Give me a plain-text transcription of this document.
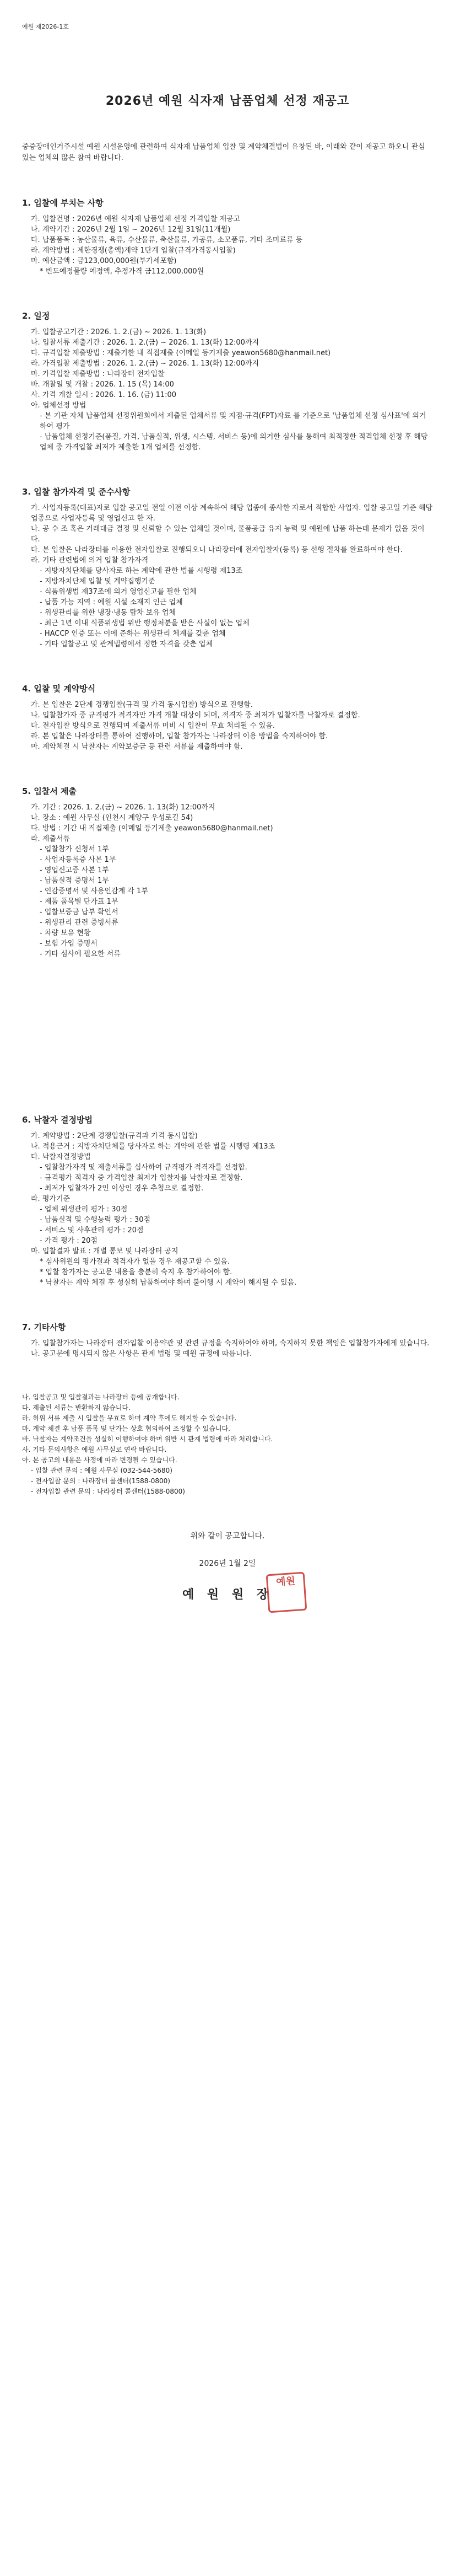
예원 제2026-1호
2026년 예원 식자재 납품업체 선정 재공고
중증장애인거주시설 예원 시설운영에 관련하여 식자재 납품업체 입찰 및 계약체결법이 유창된 바, 이래와 같이 재공고 하오니 관심 있는 업체의 많은 참여 바랍니다.
1. 입찰에 부치는 사항
가. 입찰건명 : 2026년 예원 식자재 납품업체 선정 가격입찰 재공고
나. 계약기간 : 2026년 2월 1일 ~ 2026년 12월 31일(11개월)
다. 납품품목 : 농산물류, 육류, 수산물류, 축산물류, 가공류, 소모품류, 기타 조미료류 등
라. 계약방법 : 제한경쟁(총액)계약 1단계 입찰(규격가격동시입찰)
마. 예산금액 : 금123,000,000원(부가세포함)
* 빈도예정물량 예정액, 추정가격 금112,000,000원
2. 일정
가. 입찰공고기간 : 2026. 1. 2.(금) ~ 2026. 1. 13(화)
나. 입찰서류 제출기간 : 2026. 1. 2.(금) ~ 2026. 1. 13(화) 12:00까지
다. 규격입찰 제출방법 : 재출기한 내 직접제출 (이메일 등기제출 yeawon5680@hanmail.net)
라. 가격입찰 제출방법 : 2026. 1. 2.(금) ~ 2026. 1. 13(화) 12:00까지
마. 가격입찰 제출방법 : 나라장터 전자입찰
바. 개찰일 및 개찰 : 2026. 1. 15 (목) 14:00
사. 가격 개찰 일시 : 2026. 1. 16. (금) 11:00
아. 업체선정 방법
- 본 기관 자체 납품업체 선정위원회에서 제출된 업체서류 및 지점·규격(FPT)자료 를 기준으로 '납품업체 선정 심사표'에 의거하여 평가
- 납품업체 선정기준(품질, 가격, 납품실적, 위생, 시스템, 서비스 등)에 의거한 심사를 통해여 최적정한 적격업체 선정 후 해당 업체 중 가격입찰 최저가 제출한 1개 업체를 선정함.
3. 입찰 참가자격 및 준수사항
가. 사업자등록(대표)자로 입찰 공고일 전일 이전 이상 계속하여 해당 업종에 종사한 자로서 적합한 사업자. 입찰 공고일 기준 해당 업종으로 사업자등록 및 영업신고 한 자.
나. 공 수 조 혹은 거래대금 결정 및 신뢰할 수 있는 업체일 것이며, 물품공급 유지 능력 및 예원에 납품 하는데 문제가 없을 것이다.
다. 본 입찰은 나라장터를 이용한 전자입찰로 진행되오니 나라장터에 전자입찰자(등록) 등 선행 절차를 완료하여야 한다.
라. 기타 관련법에 의거 입찰 참가자격
- 지방자치단체를 당사자로 하는 계약에 관한 법률 시행령 제13조
- 지방자치단체 입찰 및 계약집행기준
- 식품위생법 제37조에 의거 영업신고를 필한 업체
- 납품 가능 지역 : 예원 시설 소재지 인근 업체
- 위생관리를 위한 냉장·냉동 탑차 보유 업체
- 최근 1년 이내 식품위생법 위반 행정처분을 받은 사실이 없는 업체
- HACCP 인증 또는 이에 준하는 위생관리 체계를 갖춘 업체
- 기타 입찰공고 및 관계법령에서 정한 자격을 갖춘 업체
4. 입찰 및 계약방식
가. 본 입찰은 2단계 경쟁입찰(규격 및 가격 동시입찰) 방식으로 진행함.
나. 입찰참가자 중 규격평가 적격자만 가격 개찰 대상이 되며, 적격자 중 최저가 입찰자를 낙찰자로 결정함.
다. 전자입찰 방식으로 진행되며 제출서류 미비 시 입찰이 무효 처리될 수 있음.
라. 본 입찰은 나라장터를 통하여 진행하며, 입찰 참가자는 나라장터 이용 방법을 숙지하여야 함.
마. 계약체결 시 낙찰자는 계약보증금 등 관련 서류를 제출하여야 함.
5. 입찰서 제출
가. 기간 : 2026. 1. 2.(금) ~ 2026. 1. 13(화) 12:00까지
나. 장소 : 예원 사무실 (인천시 계양구 우성로길 54)
다. 방법 : 기간 내 직접제출 (이메일 등기제출 yeawon5680@hanmail.net)
라. 제출서류
- 입찰참가 신청서 1부
- 사업자등록증 사본 1부
- 영업신고증 사본 1부
- 납품실적 증명서 1부
- 인감증명서 및 사용인감계 각 1부
- 제품 품목별 단가표 1부
- 입찰보증금 납부 확인서
- 위생관리 관련 증빙서류
- 차량 보유 현황
- 보험 가입 증명서
- 기타 심사에 필요한 서류
6. 낙찰자 결정방법
가. 계약방법 : 2단계 경쟁입찰(규격과 가격 동시입찰)
나. 적용근거 : 지방자치단체를 당사자로 하는 계약에 관한 법률 시행령 제13조
다. 낙찰자결정방법
- 입찰참가자격 및 제출서류를 심사하여 규격평가 적격자를 선정함.
- 규격평가 적격자 중 가격입찰 최저가 입찰자를 낙찰자로 결정함.
- 최저가 입찰자가 2인 이상인 경우 추첨으로 결정함.
라. 평가기준
- 업체 위생관리 평가 : 30점
- 납품실적 및 수행능력 평가 : 30점
- 서비스 및 사후관리 평가 : 20점
- 가격 평가 : 20점
마. 입찰결과 발표 : 개별 통보 및 나라장터 공지
* 심사위원의 평가결과 적격자가 없을 경우 재공고할 수 있음.
* 입찰 참가자는 공고문 내용을 충분히 숙지 후 참가하여야 함.
* 낙찰자는 계약 체결 후 성실히 납품하여야 하며 불이행 시 계약이 해지될 수 있음.
7. 기타사항
가. 입찰참가자는 나라장터 전자입찰 이용약관 및 관련 규정을 숙지하여야 하며, 숙지하지 못한 책임은 입찰참가자에게 있습니다.
나. 공고문에 명시되지 않은 사항은 관계 법령 및 예원 규정에 따릅니다.
나. 입찰공고 및 입찰결과는 나라장터 등에 공개합니다.
다. 제출된 서류는 반환하지 않습니다.
라. 허위 서류 제출 시 입찰을 무효로 하며 계약 후에도 해지할 수 있습니다.
마. 계약 체결 후 납품 품목 및 단가는 상호 협의하여 조정할 수 있습니다.
바. 낙찰자는 계약조건을 성실히 이행하여야 하며 위반 시 관계 법령에 따라 처리합니다.
사. 기타 문의사항은 예원 사무실로 연락 바랍니다.
아. 본 공고의 내용은 사정에 따라 변경될 수 있습니다.
- 입찰 관련 문의 : 예원 사무실 (032-544-5680)
- 전자입찰 문의 : 나라장터 콜센터(1588-0800)
- 전자입찰 관련 문의 : 나라장터 콜센터(1588-0800)
위와 같이 공고합니다.
2026년 1월 2일
예 원 원 장
예원
